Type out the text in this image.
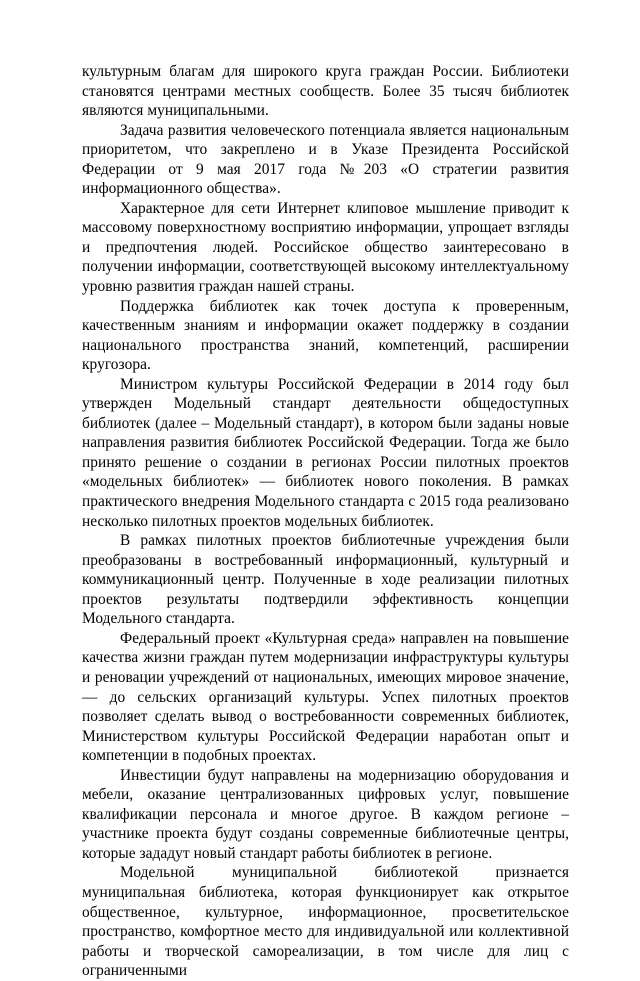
культурным благам для широкого круга граждан России. Библиотеки становятся центрами местных сообществ. Более 35 тысяч библиотек являются муниципальными.

Задача развития человеческого потенциала является национальным приоритетом, что закреплено и в Указе Президента Российской Федерации от 9 мая 2017 года №203 «О стратегии развития информационного общества».

Характерное для сети Интернет клиповое мышление приводит к массовому поверхностному восприятию информации, упрощает взгляды и предпочтения людей. Российское общество заинтересовано в получении информации, соответствующей высокому интеллектуальному уровню развития граждан нашей страны.

Поддержка библиотек как точек доступа к проверенным, качественным знаниям и информации окажет поддержку в создании национального пространства знаний, компетенций, расширении кругозора.

Министром культуры Российской Федерации в 2014 году был утвержден Модельный стандарт деятельности общедоступных библиотек (далее – Модельный стандарт), в котором были заданы новые направления развития библиотек Российской Федерации. Тогда же было принято решение о создании в регионах России пилотных проектов «модельных библиотек» — библиотек нового поколения. В рамках практического внедрения Модельного стандарта с 2015 года реализовано несколько пилотных проектов модельных библиотек.

В рамках пилотных проектов библиотечные учреждения были преобразованы в востребованный информационный, культурный и коммуникационный центр. Полученные в ходе реализации пилотных проектов результаты подтвердили эффективность концепции Модельного стандарта.

Федеральный проект «Культурная среда» направлен на повышение качества жизни граждан путем модернизации инфраструктуры культуры и реновации учреждений от национальных, имеющих мировое значение, — до сельских организаций культуры. Успех пилотных проектов позволяет сделать вывод о востребованности современных библиотек, Министерством культуры Российской Федерации наработан опыт и компетенции в подобных проектах.

Инвестиции будут направлены на модернизацию оборудования и мебели, оказание централизованных цифровых услуг, повышение квалификации персонала и многое другое. В каждом регионе – участнике проекта будут созданы современные библиотечные центры, которые зададут новый стандарт работы библиотек в регионе.

Модельной муниципальной библиотекой признается муниципальная библиотека, которая функционирует как открытое общественное, культурное, информационное, просветительское пространство, комфортное место для индивидуальной или коллективной работы и творческой самореализации, в том числе для лиц с ограниченными
